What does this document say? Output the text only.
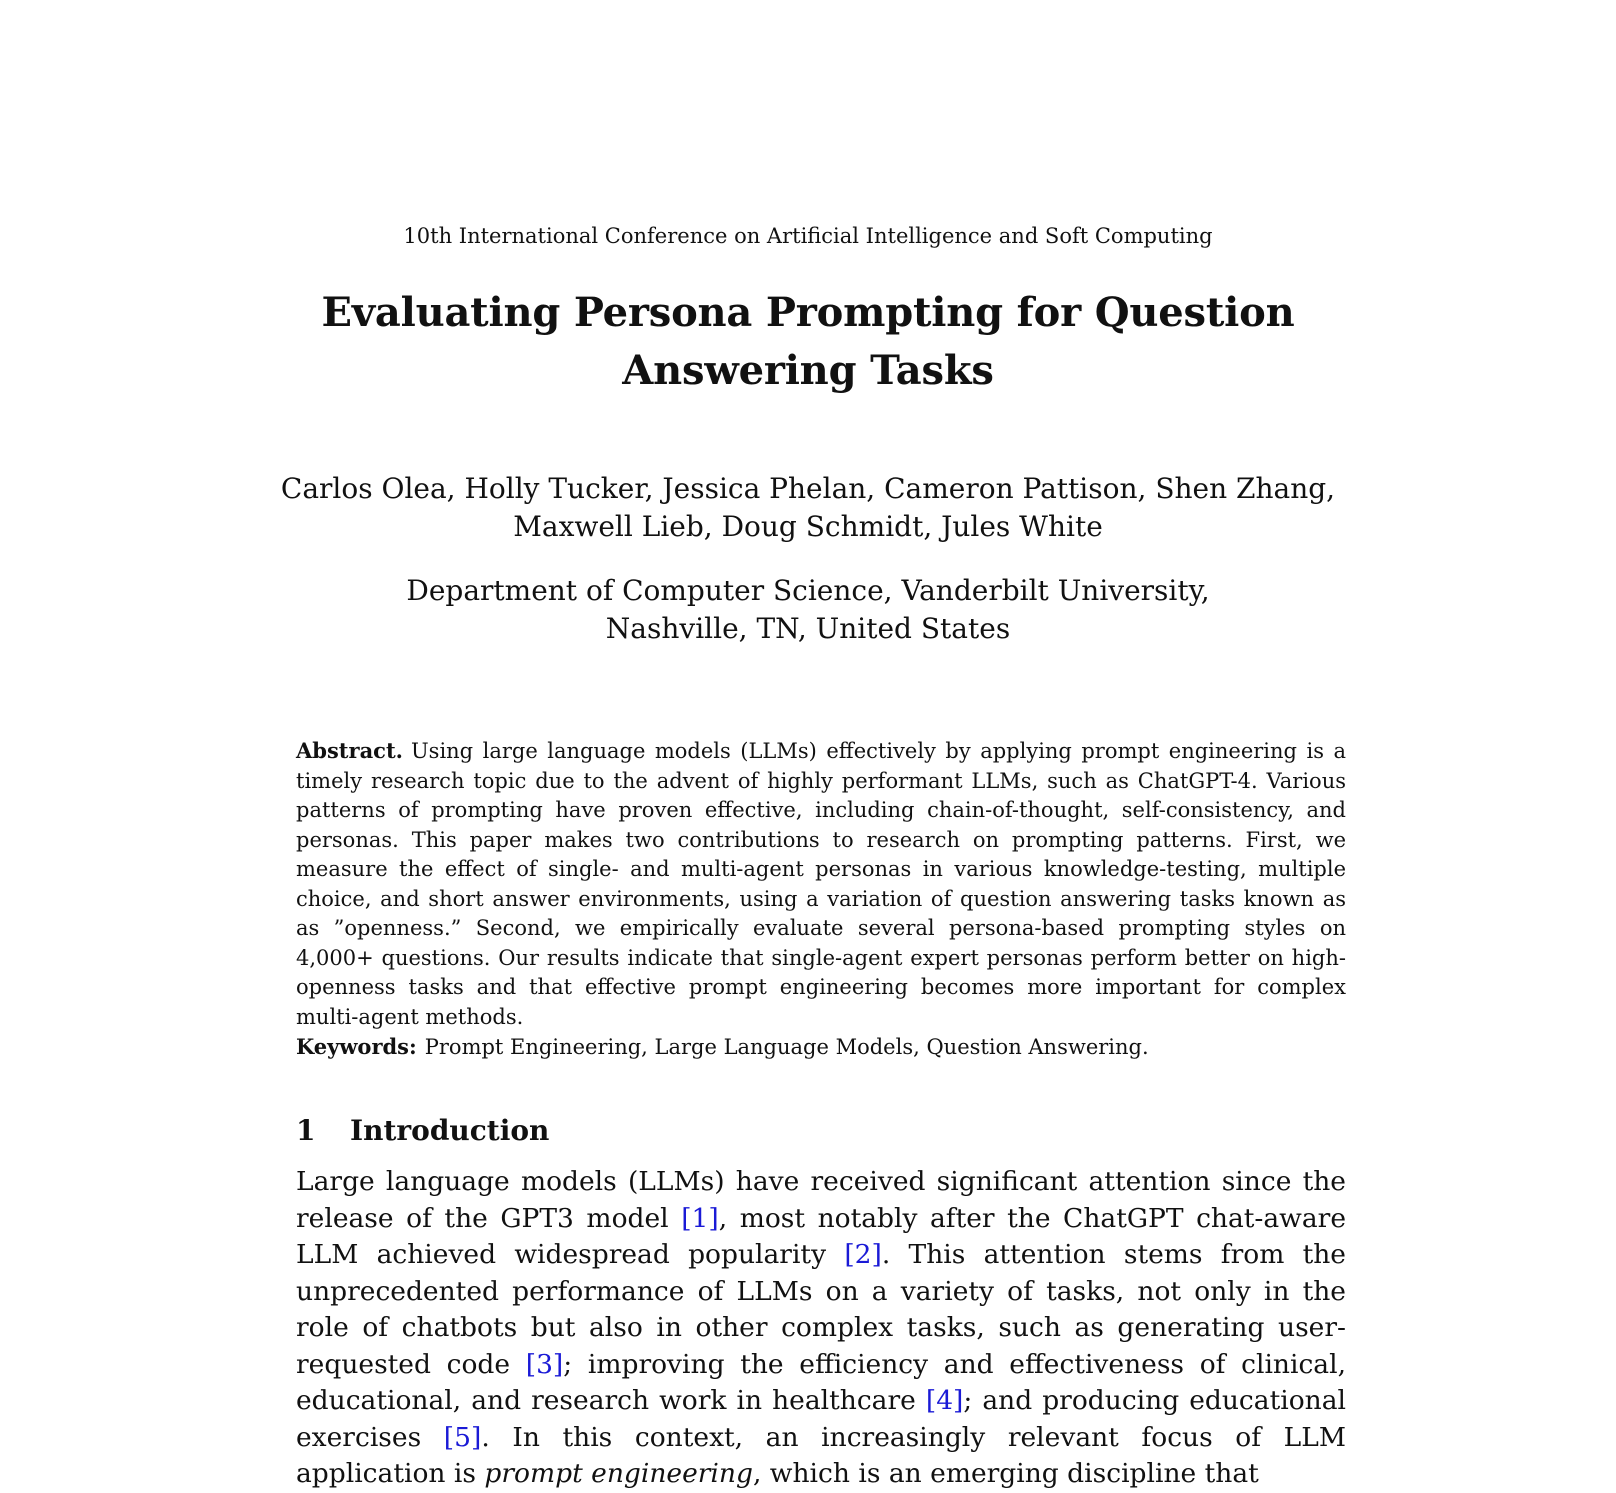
10th International Conference on Artificial Intelligence and Soft Computing
Evaluating Persona Prompting for Question
Answering Tasks
Carlos Olea, Holly Tucker, Jessica Phelan, Cameron Pattison, Shen Zhang,
Maxwell Lieb, Doug Schmidt, Jules White
Department of Computer Science, Vanderbilt University,
Nashville, TN, United States

Abstract. Using large language models (LLMs) effectively by applying prompt engineering is a timely research topic due to the advent of highly performant LLMs, such as ChatGPT-4. Various patterns of prompting have proven effective, including chain-of-thought, self-consistency, and personas. This paper makes two contributions to research on prompting patterns. First, we measure the effect of single- and multi-agent personas in various knowledge-testing, multiple choice, and short answer environments, using a variation of question answering tasks known as as ”openness.” Second, we empirically evaluate several persona-based prompting styles on 4,000+ questions. Our results indicate that single-agent expert personas perform better on high-openness tasks and that effective prompt engineering becomes more important for complex multi-agent methods.

Keywords: Prompt Engineering, Large Language Models, Question Answering.

1 Introduction

Large language models (LLMs) have received significant attention since the release of the GPT3 model [1], most notably after the ChatGPT chat-aware LLM achieved widespread popularity [2]. This attention stems from the unprecedented performance of LLMs on a variety of tasks, not only in the role of chatbots but also in other complex tasks, such as generating user-requested code [3]; improving the efficiency and effectiveness of clinical, educational, and research work in healthcare [4]; and producing educational exercises [5]. In this context, an increasingly relevant focus of LLM application is prompt engineering, which is an emerging discipline that
